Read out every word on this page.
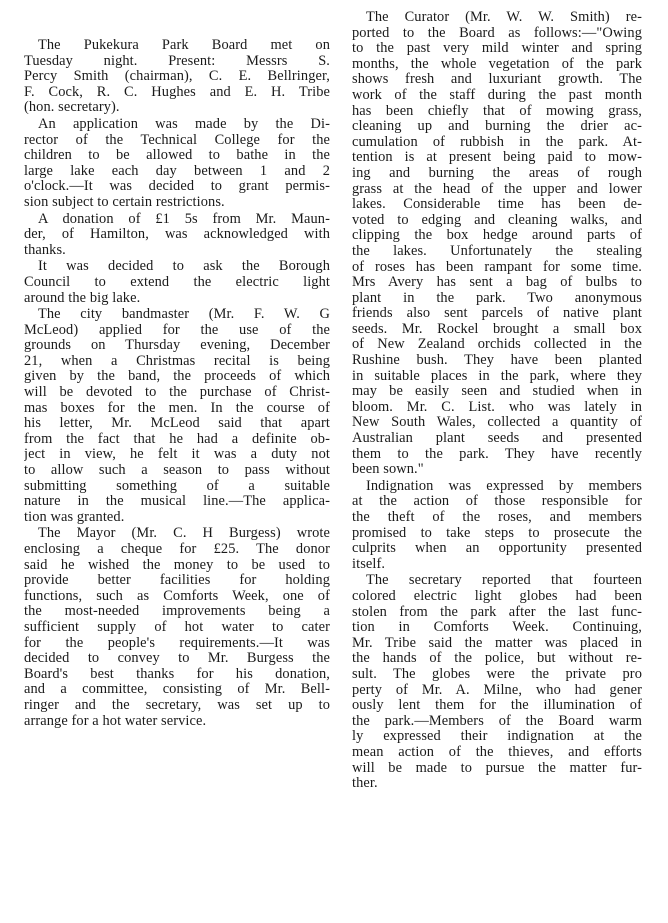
The Pukekura Park Board met on
Tuesday night. Present: Messrs S.
Percy Smith (chairman), C. E. Bellringer,
F. Cock, R. C. Hughes and E. H. Tribe
(hon. secretary).
An application was made by the Di-
rector of the Technical College for the
children to be allowed to bathe in the
large lake each day between 1 and 2
o'clock.—It was decided to grant permis-
sion subject to certain restrictions.
A donation of £1 5s from Mr. Maun-
der, of Hamilton, was acknowledged with
thanks.
It was decided to ask the Borough
Council to extend the electric light
around the big lake.
The city bandmaster (Mr. F. W. G
McLeod) applied for the use of the
grounds on Thursday evening, December
21, when a Christmas recital is being
given by the band, the proceeds of which
will be devoted to the purchase of Christ-
mas boxes for the men. In the course of
his letter, Mr. McLeod said that apart
from the fact that he had a definite ob-
ject in view, he felt it was a duty not
to allow such a season to pass without
submitting something of a suitable
nature in the musical line.—The applica-
tion was granted.
The Mayor (Mr. C. H Burgess) wrote
enclosing a cheque for £25. The donor
said he wished the money to be used to
provide better facilities for holding
functions, such as Comforts Week, one of
the most-needed improvements being a
sufficient supply of hot water to cater
for the people's requirements.—It was
decided to convey to Mr. Burgess the
Board's best thanks for his donation,
and a committee, consisting of Mr. Bell-
ringer and the secretary, was set up to
arrange for a hot water service.
The Curator (Mr. W. W. Smith) re-
ported to the Board as follows:—"Owing
to the past very mild winter and spring
months, the whole vegetation of the park
shows fresh and luxuriant growth. The
work of the staff during the past month
has been chiefly that of mowing grass,
cleaning up and burning the drier ac-
cumulation of rubbish in the park. At-
tention is at present being paid to mow-
ing and burning the areas of rough
grass at the head of the upper and lower
lakes. Considerable time has been de-
voted to edging and cleaning walks, and
clipping the box hedge around parts of
the lakes. Unfortunately the stealing
of roses has been rampant for some time.
Mrs Avery has sent a bag of bulbs to
plant in the park. Two anonymous
friends also sent parcels of native plant
seeds. Mr. Rockel brought a small box
of New Zealand orchids collected in the
Rushine bush. They have been planted
in suitable places in the park, where they
may be easily seen and studied when in
bloom. Mr. C. List. who was lately in
New South Wales, collected a quantity of
Australian plant seeds and presented
them to the park. They have recently
been sown."
Indignation was expressed by members
at the action of those responsible for
the theft of the roses, and members
promised to take steps to prosecute the
culprits when an opportunity presented
itself.
The secretary reported that fourteen
colored electric light globes had been
stolen from the park after the last func-
tion in Comforts Week. Continuing,
Mr. Tribe said the matter was placed in
the hands of the police, but without re-
sult. The globes were the private pro
perty of Mr. A. Milne, who had gener
ously lent them for the illumination of
the park.—Members of the Board warm
ly expressed their indignation at the
mean action of the thieves, and efforts
will be made to pursue the matter fur-
ther.
